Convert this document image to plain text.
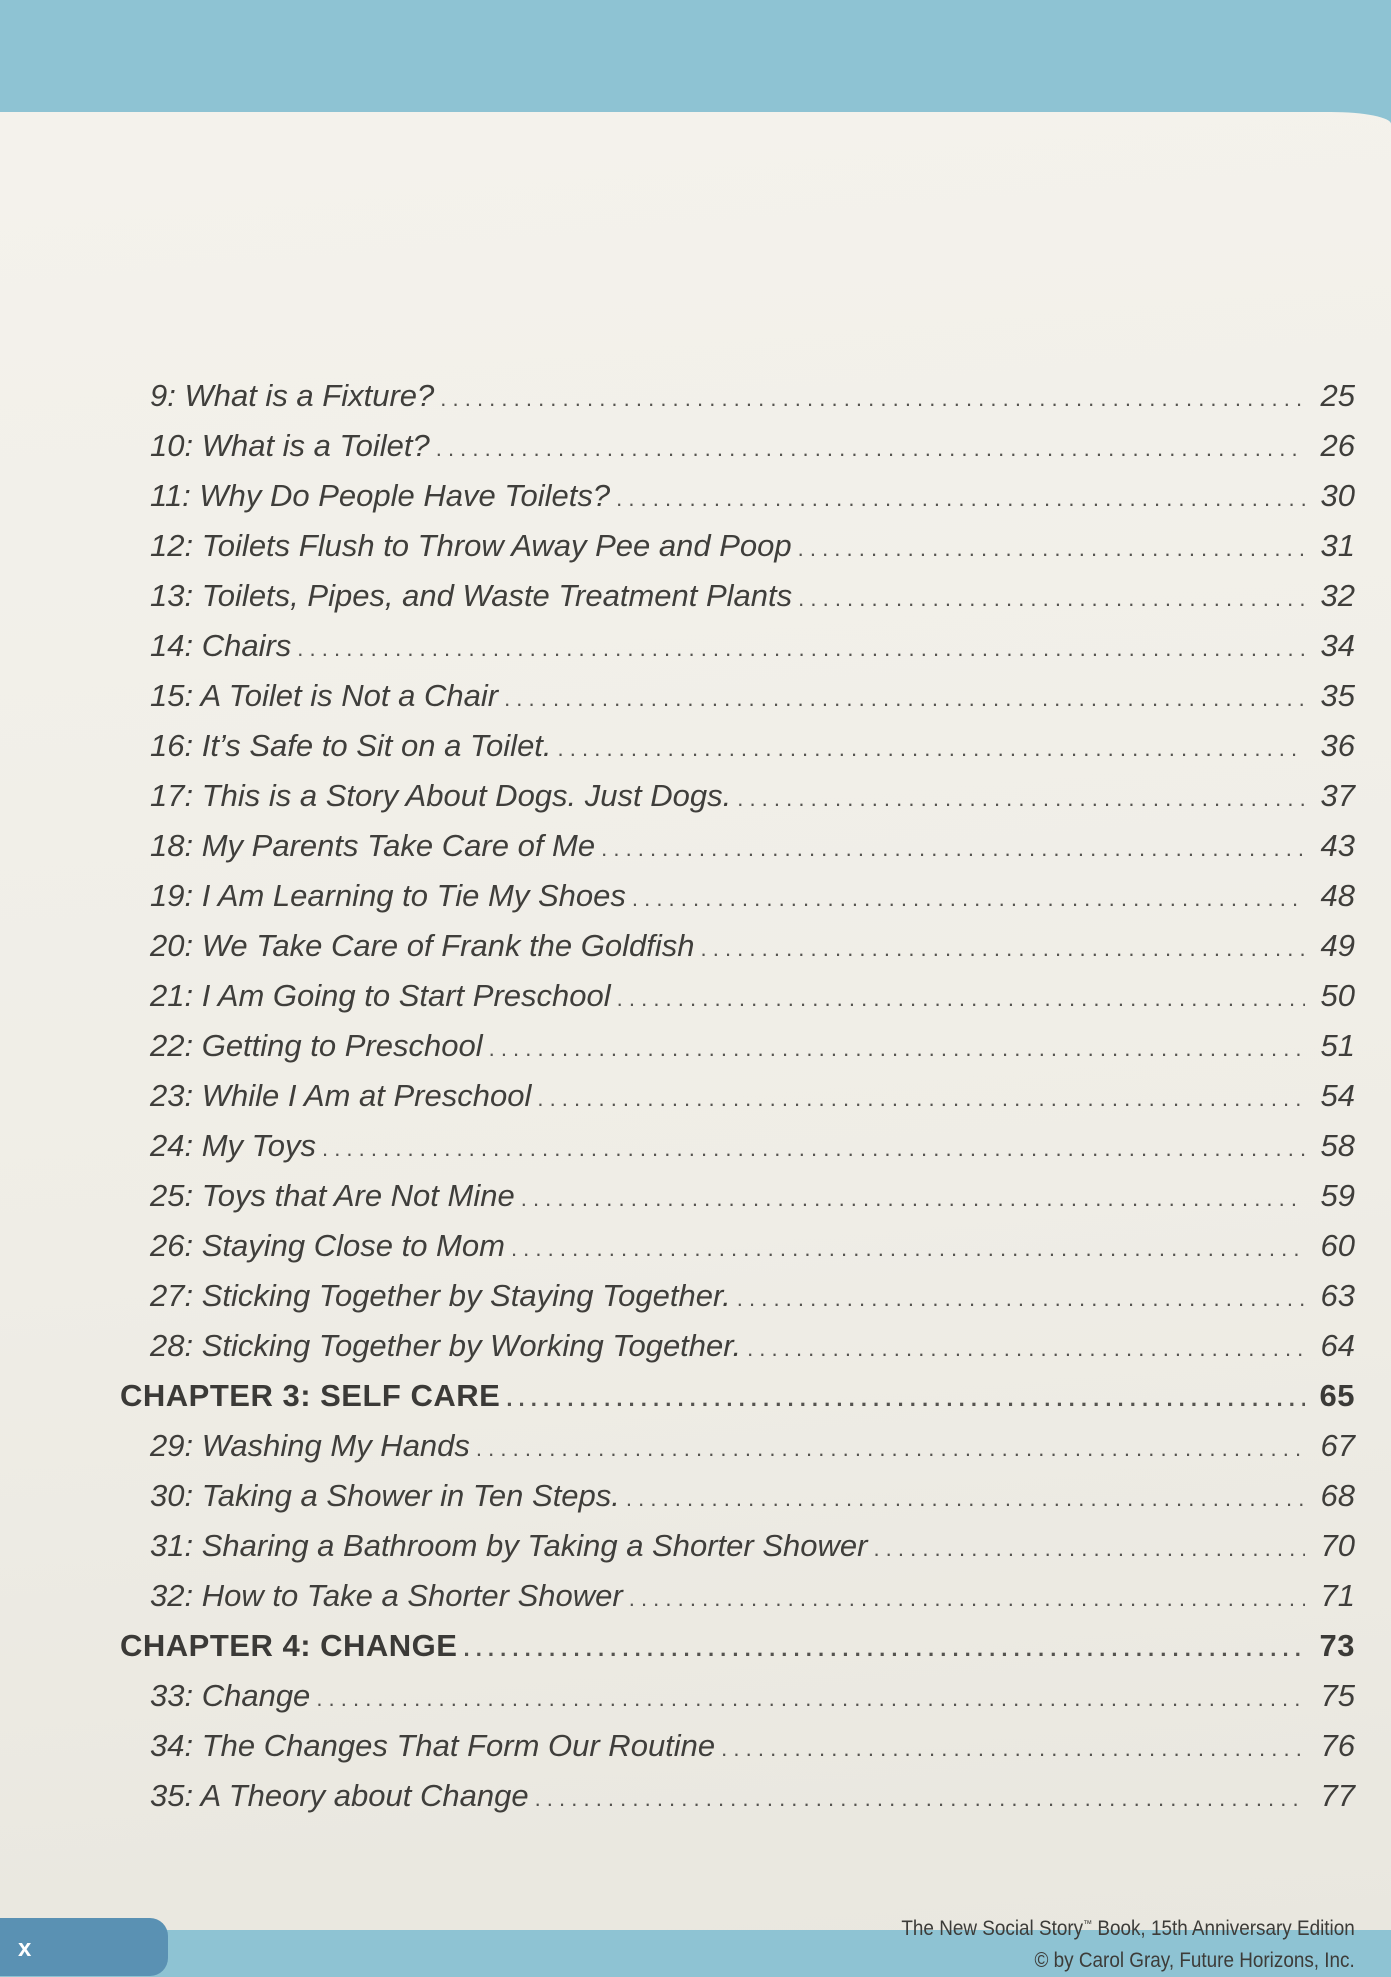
9: What is a Fixture? . . .	25
10: What is a Toilet? . . .	26
11: Why Do People Have Toilets? . . .	30
12: Toilets Flush to Throw Away Pee and Poop . . .	31
13: Toilets, Pipes, and Waste Treatment Plants . . .	32
14: Chairs . . .	34
15: A Toilet is Not a Chair . . .	35
16: It’s Safe to Sit on a Toilet. . . .	36
17: This is a Story About Dogs. Just Dogs. . . .	37
18: My Parents Take Care of Me . . .	43
19: I Am Learning to Tie My Shoes . . .	48
20: We Take Care of Frank the Goldfish . . .	49
21: I Am Going to Start Preschool . . .	50
22: Getting to Preschool . . .	51
23: While I Am at Preschool . . .	54
24: My Toys . . .	58
25: Toys that Are Not Mine . . .	59
26: Staying Close to Mom . . .	60
27: Sticking Together by Staying Together. . . .	63
28: Sticking Together by Working Together. . . .	64
CHAPTER 3: SELF CARE . . .	65
29: Washing My Hands . . .	67
30: Taking a Shower in Ten Steps. . . .	68
31: Sharing a Bathroom by Taking a Shorter Shower . . .	70
32: How to Take a Shorter Shower . . .	71
CHAPTER 4: CHANGE . . .	73
33: Change . . .	75
34: The Changes That Form Our Routine . . .	76
35: A Theory about Change . . .	77
x
The New Social Story™ Book, 15th Anniversary Edition
© by Carol Gray, Future Horizons, Inc.
